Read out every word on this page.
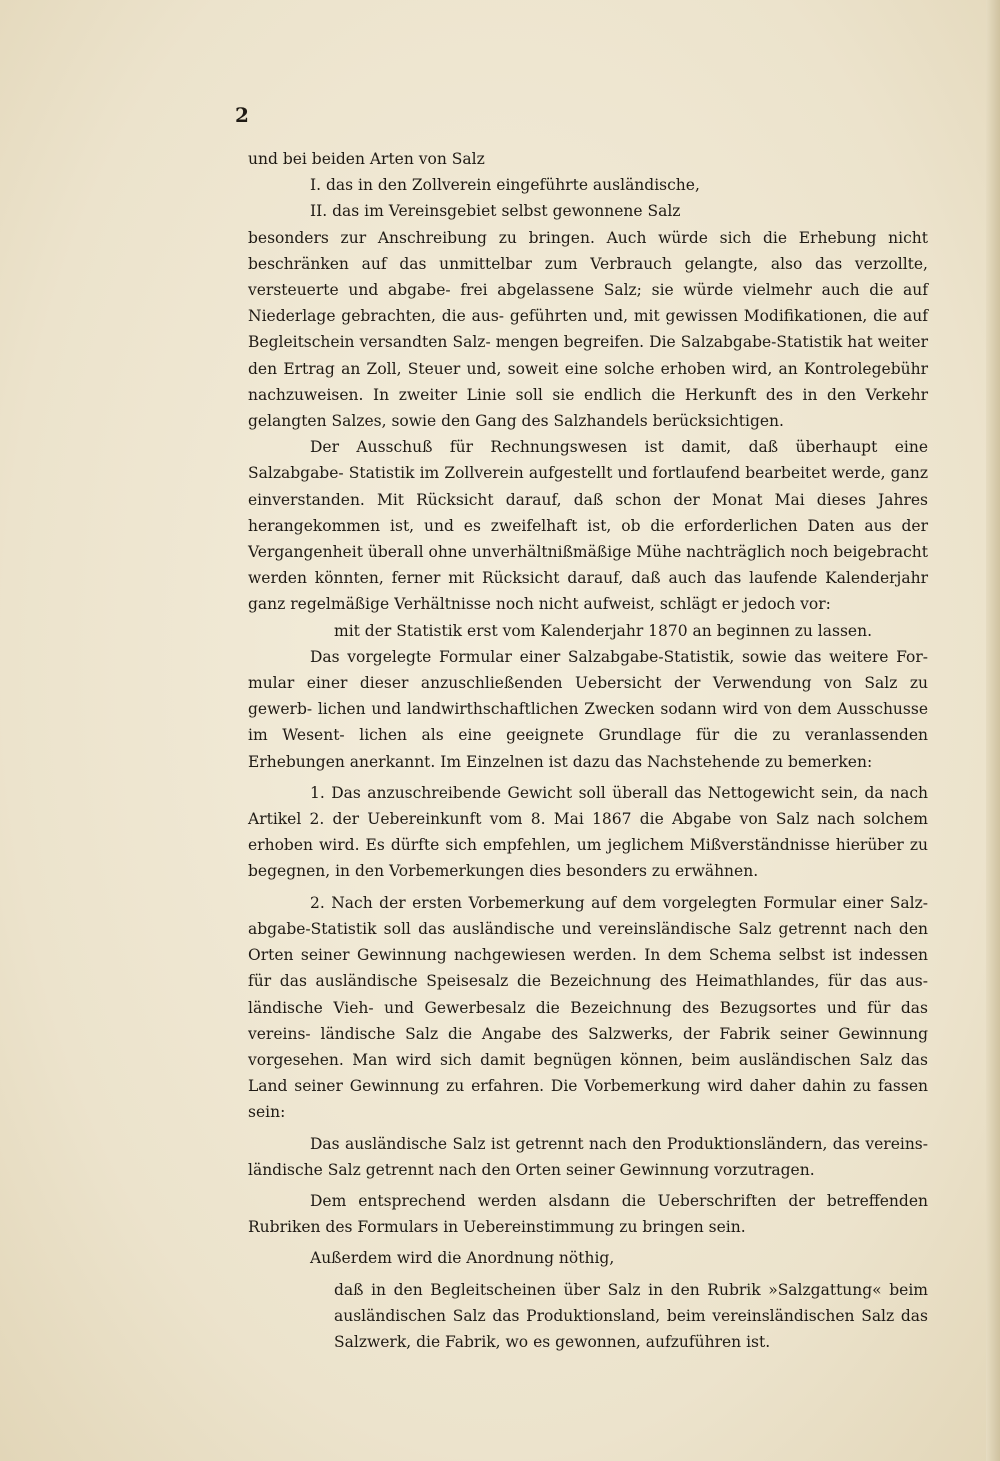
2

und bei beiden Arten von Salz

I. das in den Zollverein eingeführte ausländische,

II. das im Vereinsgebiet selbst gewonnene Salz

besonders zur Anschreibung zu bringen. Auch würde sich die Erhebung nicht beschränken auf das unmittelbar zum Verbrauch gelangte, also das verzollte, versteuerte und abgabe- frei abgelassene Salz; sie würde vielmehr auch die auf Niederlage gebrachten, die aus- geführten und, mit gewissen Modifikationen, die auf Begleitschein versandten Salz- mengen begreifen. Die Salzabgabe-Statistik hat weiter den Ertrag an Zoll, Steuer und, soweit eine solche erhoben wird, an Kontrolegebühr nachzuweisen. In zweiter Linie soll sie endlich die Herkunft des in den Verkehr gelangten Salzes, sowie den Gang des Salzhandels berücksichtigen.

Der Ausschuß für Rechnungswesen ist damit, daß überhaupt eine Salzabgabe- Statistik im Zollverein aufgestellt und fortlaufend bearbeitet werde, ganz einverstanden. Mit Rücksicht darauf, daß schon der Monat Mai dieses Jahres herangekommen ist, und es zweifelhaft ist, ob die erforderlichen Daten aus der Vergangenheit überall ohne unverhältnißmäßige Mühe nachträglich noch beigebracht werden könnten, ferner mit Rücksicht darauf, daß auch das laufende Kalenderjahr ganz regelmäßige Verhältnisse noch nicht aufweist, schlägt er jedoch vor:

mit der Statistik erst vom Kalenderjahr 1870 an beginnen zu lassen.

Das vorgelegte Formular einer Salzabgabe-Statistik, sowie das weitere For- mular einer dieser anzuschließenden Uebersicht der Verwendung von Salz zu gewerb- lichen und landwirthschaftlichen Zwecken sodann wird von dem Ausschusse im Wesent- lichen als eine geeignete Grundlage für die zu veranlassenden Erhebungen anerkannt. Im Einzelnen ist dazu das Nachstehende zu bemerken:

1. Das anzuschreibende Gewicht soll überall das Nettogewicht sein, da nach Artikel 2. der Uebereinkunft vom 8. Mai 1867 die Abgabe von Salz nach solchem erhoben wird. Es dürfte sich empfehlen, um jeglichem Mißverständnisse hierüber zu begegnen, in den Vorbemerkungen dies besonders zu erwähnen.

2. Nach der ersten Vorbemerkung auf dem vorgelegten Formular einer Salz- abgabe-Statistik soll das ausländische und vereinsländische Salz getrennt nach den Orten seiner Gewinnung nachgewiesen werden. In dem Schema selbst ist indessen für das ausländische Speisesalz die Bezeichnung des Heimathlandes, für das aus- ländische Vieh- und Gewerbesalz die Bezeichnung des Bezugsortes und für das vereins- ländische Salz die Angabe des Salzwerks, der Fabrik seiner Gewinnung vorgesehen. Man wird sich damit begnügen können, beim ausländischen Salz das Land seiner Gewinnung zu erfahren. Die Vorbemerkung wird daher dahin zu fassen sein:

Das ausländische Salz ist getrennt nach den Produktionsländern, das vereins- ländische Salz getrennt nach den Orten seiner Gewinnung vorzutragen.

Dem entsprechend werden alsdann die Ueberschriften der betreffenden Rubriken des Formulars in Uebereinstimmung zu bringen sein.

Außerdem wird die Anordnung nöthig,

daß in den Begleitscheinen über Salz in den Rubrik »Salzgattung« beim ausländischen Salz das Produktionsland, beim vereinsländischen Salz das Salzwerk, die Fabrik, wo es gewonnen, aufzuführen ist.
